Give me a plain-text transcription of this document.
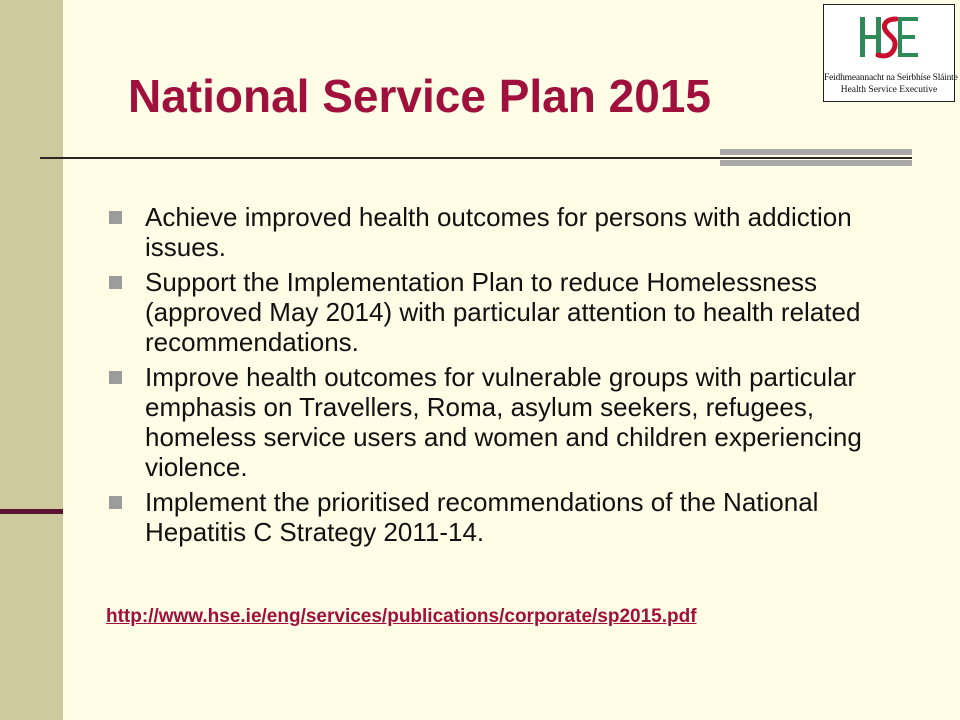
Feidhmeannacht na Seirbhíse Sláinte
Health Service Executive
National Service Plan 2015
Achieve improved health outcomes for persons with addiction issues.
Support the Implementation Plan to reduce Homelessness (approved May 2014) with particular attention to health related recommendations.
Improve health outcomes for vulnerable groups with particular emphasis on Travellers, Roma, asylum seekers, refugees, homeless service users and women and children experiencing violence.
Implement the prioritised recommendations of the National Hepatitis C Strategy 2011-14.
http://www.hse.ie/eng/services/publications/corporate/sp2015.pdf
